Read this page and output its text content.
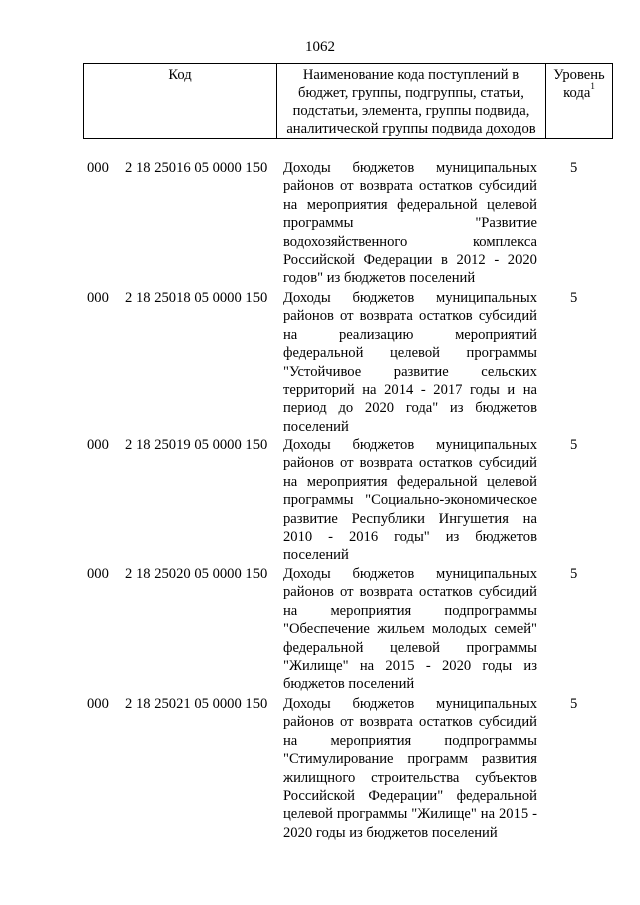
1062
Код	Наименование кода поступлений в
бюджет, группы, подгруппы, статьи,
подстатьи, элемента, группы подвида,
аналитической группы подвида доходов

Уровень
кода$^1$
000 2 18 25016 05 0000 150 Доходы бюджетов муниципальных
районов от возврата остатков субсидий
на мероприятия федеральной целевой
программы	"Развитие
водохозяйственного	комплекса
Российской Федерации в 2012 - 2020
годов" из бюджетов поселений
5
000 2 18 25018 05 0000 150 Доходы бюджетов муниципальных
районов от возврата остатков субсидий
на	реализацию	мероприятий
федеральной целевой программы
"Устойчивое развитие сельских
территорий на 2014 - 2017 годы и на
период до 2020 года" из бюджетов
поселений
5
000 2 18 25019 05 0000 150 Доходы бюджетов муниципальных
районов от возврата остатков субсидий
на мероприятия федеральной целевой
программы "Социально-экономическое
развитие Республики Ингушетия на
2010 - 2016 годы" из бюджетов
поселений
5
000 2 18 25020 05 0000 150 Доходы бюджетов муниципальных
районов от возврата остатков субсидий
на мероприятия подпрограммы
"Обеспечение жильем молодых семей"
федеральной целевой программы
"Жилище" на 2015 - 2020 годы из
бюджетов поселений
5
000 2 18 25021 05 0000 150 Доходы бюджетов муниципальных
районов от возврата остатков субсидий
на мероприятия подпрограммы
"Стимулирование программ развития
жилищного строительства субъектов
Российской Федерации" федеральной
целевой программы "Жилище" на 2015 -
2020 годы из бюджетов поселений
5
